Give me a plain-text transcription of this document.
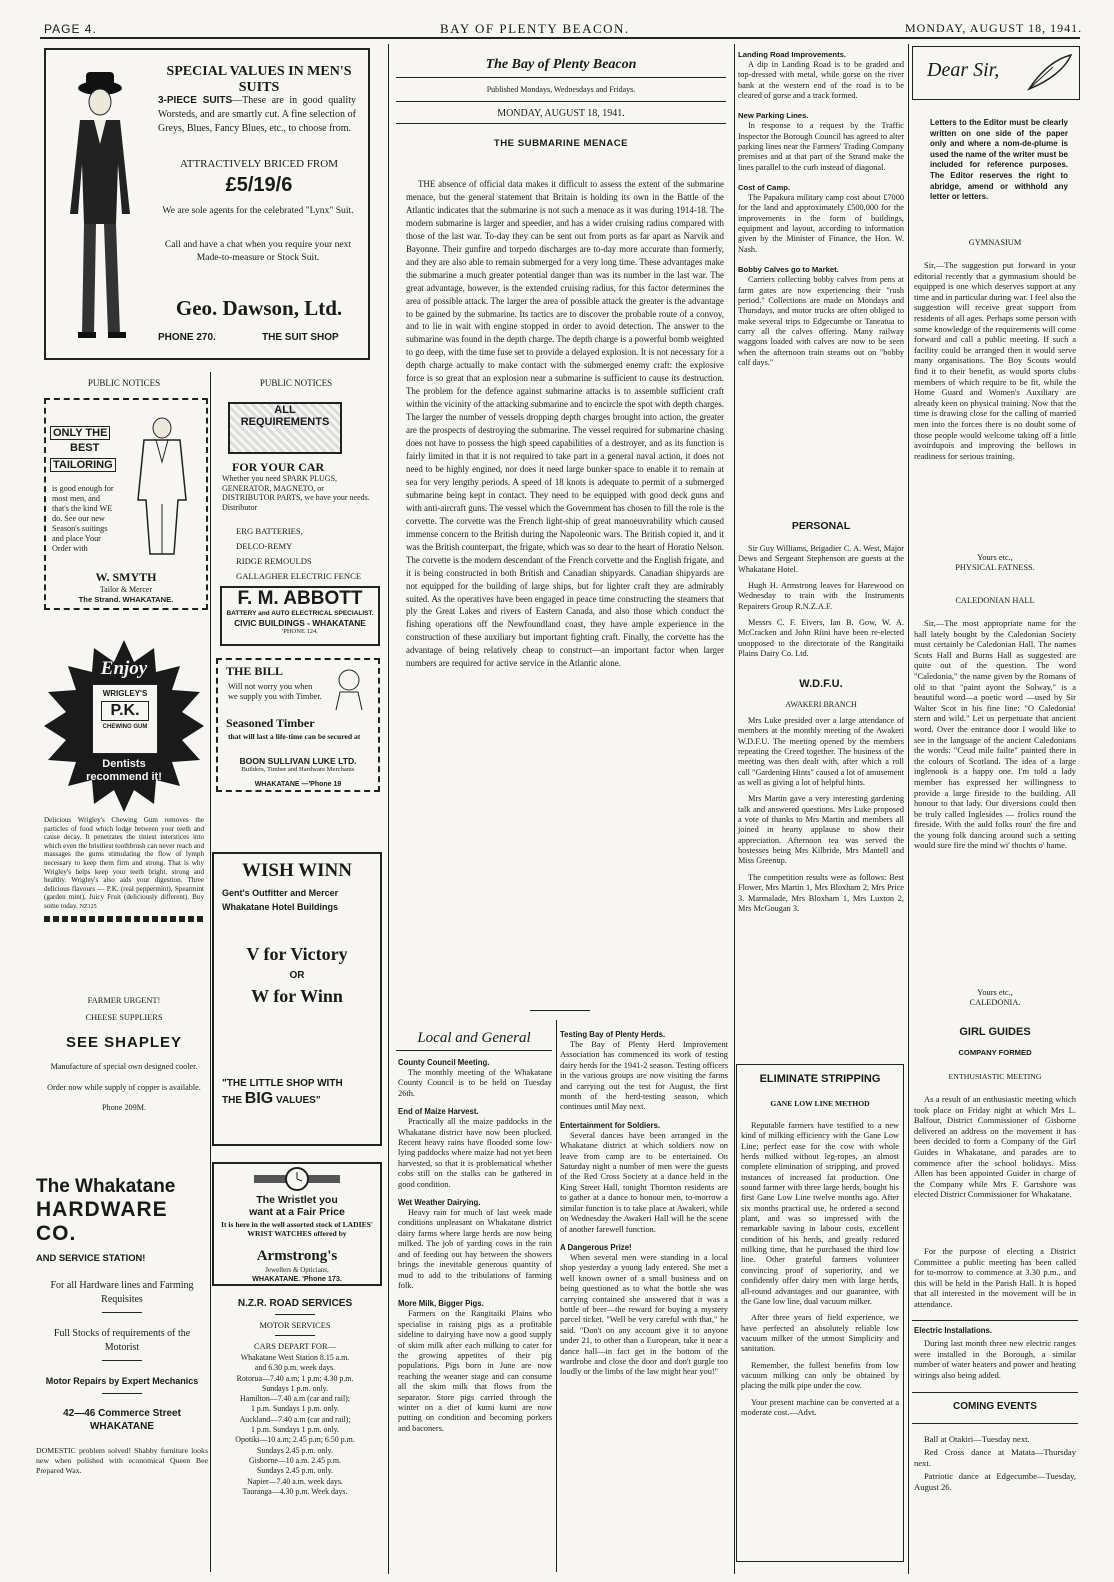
PAGE 4.	BAY OF PLENTY BEACON.	MONDAY, AUGUST 18, 1941.
SPECIAL VALUES IN MEN'S SUITS
3-PIECE SUITS—These are in good quality Worsteds, and are smartly cut. A fine selection of Greys, Blues, Fancy Blues, etc., to choose from.
ATTRACTIVELY BRICED FROM
£5/19/6
We are sole agents for the celebrated "Lynx" Suit.
Call and have a chat when you require your next Made-to-measure or Stock Suit.
Geo. Dawson, Ltd.
PHONE 270.	THE SUIT SHOP
PUBLIC NOTICES	PUBLIC NOTICES
ONLY THE
BEST
TAILORING
is good enough for most men, and that's the kind WE do. See our new Season's suitings and place Your Order with
W. SMYTH
Tailor & Mercer
The Strand. WHAKATANE.
ALL
REQUIREMENTS
FOR YOUR CAR
Whether you need SPARK PLUGS, GENERATOR, MAGNETO, or DISTRIBUTOR PARTS, we have your needs. Distributor
ERG BATTERIES,
DELCO-REMY
RIDGE REMOULDS
GALLAGHER ELECTRIC FENCE
F. M. ABBOTT
BATTERY and AUTO ELECTRICAL SPECIALIST.
CIVIC BUILDINGS - WHAKATANE
'PHONE 124.
Enjoy
WRIGLEY'S
P.K.
CHEWING GUM
Dentists
recommend it!
Delicious Wrigley's Chewing Gum removes the particles of food which lodge between your teeth and cause decay. It penetrates the tiniest interstices into which even the bristliest toothbrush can never reach and massages the gums stimulating the flow of lymph necessary to keep them firm and strong. That is why Wrigley's helps keep your teeth bright, strong and healthy. Wrigley's also aids your digestion. Three delicious flavours — P.K. (real peppermint), Spearmint (garden mint), Juicy Fruit (deliciously different). Buy some today. NZ125
THE BILL
Will not worry you when we supply you with Timber.
Seasoned Timber
that will last a life-time can be secured at
BOON SULLIVAN LUKE LTD.
Builders, Timber and Hardware Merchants
WHAKATANE —'Phone 19
WISH WINN
Gent's Outfitter and Mercer
Whakatane Hotel Buildings
V for Victory
OR
W for Winn
"THE LITTLE SHOP WITH
THE BIG VALUES"
FARMER URGENT!
CHEESE SUPPLIERS
SEE SHAPLEY
Manufacture of special own designed cooler.
Order now while supply of copper is available.
Phone 209M.
The Whakatane
HARDWARE CO.
AND SERVICE STATION!
For all Hardware lines and Farming Requisites
Full Stocks of requirements of the Motorist
Motor Repairs by Expert Mechanics
42—46 Commerce Street
WHAKATANE
DOMESTIC problem solved! Shabby furniture looks new when polished with economical Queen Bee Prepared Wax.
The Wristlet you
want at a Fair Price
It is here in the well assorted stock of LADIES' WRIST WATCHES offered by
Armstrong's
Jewellers & Opticians,
WHAKATANE. 'Phone 173.
N.Z.R. ROAD SERVICES
MOTOR SERVICES
CARS DEPART FOR—
Whakatane West Station 8.15 a.m.
and 6.30 p.m. week days.
Rotorua—7.40 a.m; 1 p.m; 4.30 p.m.
Sundays 1 p.m. only.
Hamilton—7.40 a.m (car and rail);
1 p.m. Sundays 1 p.m. only.
Auckland—7.40 a.m (car and rail);
1 p.m. Sundays 1 p.m. only.
Opotiki—10 a.m; 2.45 p.m; 6.50 p.m.
Sundays 2.45 p.m. only.
Gisborne—10 a.m. 2.45 p.m.
Sundays 2.45 p.m. only.
Napier—7.40 a.m. week days.
Tauranga—4.30 p.m. Week days.
The Bay of Plenty Beacon
Published Mondays, Wednesdays and Fridays.
MONDAY, AUGUST 18, 1941.
THE SUBMARINE MENACE
THE absence of official data makes it difficult to assess the extent of the submarine menace, but the general statement that Britain is holding its own in the Battle of the Atlantic indicates that the submarine is not such a menace as it was during 1914-18. The modern submarine is larger and speedier, and has a wider cruising radius compared with those of the last war. To-day they can be sent out from ports as far apart as Narvik and Bayonne. Their gunfire and torpedo discharges are to-day more accurate than formerly, and they are also able to remain submerged for a very long time. These advantages make the submarine a much greater potential danger than was its number in the last war. The great advantage, however, is the extended cruising radius, for this factor determines the area of possible attack. The larger the area of possible attack the greater is the advantage to be gained by the submarine. Its tactics are to discover the probable route of a convoy, and to lie in wait with engine stopped in order to avoid detection. The answer to the submarine was found in the depth charge. The depth charge is a powerful bomb weighted to go deep, with the time fuse set to provide a delayed explosion. It is not necessary for a depth charge actually to make contact with the submerged enemy craft: the explosive force is so great that an explosion near a submarine is sufficient to cause its destruction. The problem for the defence against submarine attacks is to assemble sufficient craft within the vicinity of the attacking submarine and to encircle the spot with depth charges. The larger the number of vessels dropping depth charges brought into action, the greater are the prospects of destroying the submarine. The vessel required for submarine chasing does not have to possess the high speed capabilities of a destroyer, and as its function is fairly limited in that it is not required to take part in a general naval action, it does not need to be highly engined, nor does it need large bunker space to enable it to remain at sea for very lengthy periods. A speed of 18 knots is adequate to permit of a submerged submarine being kept in contact. They need to be equipped with good deck guns and with anti-aircraft guns. The vessel which the Government has chosen to fill the role is the corvette. The corvette was the French light-ship of great manoeuvrability which caused immense concern to the British during the Napoleonic wars. The British copied it, and it was the British counterpart, the frigate, which was so dear to the heart of Horatio Nelson. The corvette is the modern descendant of the French corvette and the English frigate, and it is being constructed in both British and Canadian shipyards. Canadian shipyards are not equipped for the building of large ships, but for lighter craft they are admirably suited. As the operatives have been engaged in peace time constructing the steamers that ply the Great Lakes and rivers of Eastern Canada, and also those which conduct the fishing operations off the Newfoundland coast, they have ample experience in the construction of these auxiliary but important fighting craft. Finally, the corvette has the advantage of being relatively cheap to construct—an important factor when larger numbers are required for active service in the Atlantic alone.
Local and General
County Council Meeting.
The monthly meeting of the Whakatane County Council is to be held on Tuesday 26th.
End of Maize Harvest.
Practically all the maize paddocks in the Whakatane district have now been plucked. Recent heavy rains have flooded some low-lying paddocks where maize had not yet been harvested, so that it is problematical whether cobs still on the stalks can be gathered in good condition.
Wet Weather Dairying.
Heavy rain for much of last week made conditions unpleasant on Whakatane district dairy farms where large herds are now being milked. The job of yarding cows in the rain and of feeding out hay between the showers brings the inevitable generous quantity of mud to add to the tribulations of farming folk.
More Milk, Bigger Pigs.
Farmers on the Rangitaiki Plains who specialise in raising pigs as a profitable sideline to dairying have now a good supply of skim milk after each milking to cater for the growing appetites of their pig populations. Pigs born in June are now reaching the weaner stage and can consume all the skim milk that flows from the separator. Store pigs carried through the winter on a diet of kumi kumi are now putting on condition and becoming porkers and baconers.
Testing Bay of Plenty Herds.
The Bay of Plenty Herd Improvement Association has commenced its work of testing dairy herds for the 1941-2 season. Testing officers in the various groups are now visiting the farms and carrying out the test for August, the first month of the herd-testing season, which continues until May next.
Entertainment for Soldiers.
Several dances have been arranged in the Whakatane district at which soldiers now on leave from camp are to be entertained. On Saturday night a number of men were the guests of the Red Cross Society at a dance held in the King Street Hall, tonight Thornton residents are to gather at a dance to honour men, to-morrow a similar function is to take place at Awakeri, while on Wednesday the Awakeri Hall will be the scene of another farewell function.
A Dangerous Prize!
When several men were standing in a local shop yesterday a young lady entered. She met a well known owner of a small business and on being questioned as to what the bottle she was carrying contained she answered that it was a bottle of beer—the reward for buying a mystery parcel ticket. "Well be very careful with that," he said. "Don't on any account give it to anyone under 21, to other than a European, take it near a dance hall—in fact get in the bottom of the wardrobe and close the door and don't gurgle too loudly or the limbs of the law might hear you!"
Landing Road Improvements.
A dip in Landing Road is to be graded and top-dressed with metal, while gorse on the river bank at the western end of the road is to be cleared of gorse and a track formed.
New Parking Lines.
In response to a request by the Traffic Inspector the Borough Council has agreed to alter parking lines near the Farmers' Trading Company premises and at that part of the Strand make the lines parallel to the curb instead of diagonal.
Cost of Camp.
The Papakura military camp cost about £7000 for the land and approximately £500,000 for the improvements in the form of buildings, equipment and layout, according to information given by the Minister of Finance, the Hon. W. Nash.
Bobby Calves go to Market.
Carriers collecting bobby calves from pens at farm gates are now experiencing their "rush period." Collections are made on Mondays and Thursdays, and motor trucks are often obliged to make several trips to Edgecumbe or Taneatua to carry all the calves offering. Many railway waggons loaded with calves are now to be seen when the afternoon train steams out on "bobby calf days."
PERSONAL
Sir Guy Williams, Brigadier C. A. West, Major Dews and Sergeant Stephenson are guests at the Whakatane Hotel.
Hugh H. Armstrong leaves for Harewood on Wednesday to train with the Instruments Repairers Group R.N.Z.A.F.
Messrs C. F. Eivers, Ian B. Gow, W. A. McCracken and John Riini have been re-elected unopposed to the directorate of the Rangitaiki Plains Dairy Co. Ltd.
W.D.F.U.
AWAKERI BRANCH
Mrs Luke presided over a large attendance of members at the monthly meeting of the Awakeri W.D.F.U. The meeting opened by the members repeating the Creed together. The business of the meeting was then dealt with, after which a roll call "Gardening Hints" caused a lot of amusement as well as giving a lot of helpful hints.
Mrs Martin gave a very interesting gardening talk and answered questions. Mrs Luke proposed a vote of thanks to Mrs Martin and members all joined in hearty applause to show their appreciation. Afternoon tea was served the hostesses being Mrs Kilbride, Mrs Mantell and Miss Greenup.
The competition results were as follows: Best Flower, Mrs Martin 1, Mrs Bloxham 2, Mrs Price 3. Marmalade, Mrs Bloxham 1, Mrs Luxton 2, Mrs McGougan 3.
ELIMINATE STRIPPING
GANE LOW LINE METHOD
Reputable farmers have testified to a new kind of milking efficiency with the Gane Low Line; perfect ease for the cow with whole herds milked without leg-ropes, an almost complete elimination of stripping, and proved instances of increased fat production. One sound farmer with three large herds, bought his first Gane Low Line twelve months ago. After six months practical use, he ordered a second plant, and was so impressed with the remarkable saving in labour costs, excellent condition of his herds, and greatly reduced milking time, that he purchased the third low line. Other grateful farmers volunteer convincing proof of superiority, and we confidently offer dairy men with large herds, all-round advantages and our guarantee, with the Gane low line, dual vacuum milker.
After three years of field experience, we have perfected an absolutely reliable low vacuum milker of the utmost Simplicity and sanitation.
Remember, the fullest benefits from low vacuum milking can only be obtained by placing the milk pipe under the cow.
Your present machine can be converted at a moderate cost.—Advt.
Dear Sir,
Letters to the Editor must be clearly written on one side of the paper only and where a nom-de-plume is used the name of the writer must be included for reference purposes. The Editor reserves the right to abridge, amend or withhold any letter or letters.
GYMNASIUM
Sir,—The suggestion put forward in your editorial recently that a gymnasium should be equipped is one which deserves support at any time and in particular during war. I feel also the suggestion will receive great support from residents of all ages. Perhaps some person with some knowledge of the requirements will come forward and call a public meeting. If such a facility could be arranged then it would serve many organisations. The Boy Scouts would find it to their benefit, as would sports clubs members of which require to be fit, while the Home Guard and Women's Auxiliary are already keen on physical training. Now that the time is drawing close for the calling of married men into the forces there is no doubt some of those people would welcome taking off a little avoirdupois and improving the bellows in readiness for serious training.
Yours etc.,
PHYSICAL FATNESS.
CALEDONIAN HALL
Sir,—The most appropriate name for the hall lately bought by the Caledonian Society must certainly be Caledonian Hall. The names Scots Hall and Burns Hall as suggested are quite out of the question. The word "Caledonia," the name given by the Romans of old to that "paint ayont the Solway," is a beautiful word—a poetic word —used by Sir Walter Scot in his fine line: "O Caledonia! stern and wild." Let us perpetuate that ancient word. Over the entrance door I would like to see in the language of the ancient Caledonians the words: "Ceud mile failte" painted there in the colours of Scotland. The idea of a large inglenook is a happy one. I'm told a lady member has expressed her willingness to provide a large fireside to the building. All honour to that lady. Our diversions could then be truly called Inglesides — frolics round the fireside. With the auld folks roun' the fire and the young folk dancing around such a setting would sure fire the mind wi' thochts o' hame.
Yours etc.,
CALEDONIA.
GIRL GUIDES
COMPANY FORMED
ENTHUSIASTIC MEETING
As a result of an enthusiastic meeting which took place on Friday night at which Mrs L. Balfour, District Commissioner of Gisborne delivered an address on the movement it has been decided to form a Company of the Girl Guides in Whakatane, and parades are to commence after the school holidays. Miss Allen has been appointed Guider in charge of the Company while Mrs F. Gartshore was elected District Commissioner for Whakatane.
For the purpose of electing a District Committee a public meeting has been called for to-morrow to commence at 3.30 p.m., and this will be held in the Parish Hall. It is hoped that all interested in the movement will be in attendance.
Electric Installations.
During last month three new electric ranges were installed in the Borough, a similar number of water heaters and power and heating wirings also being added.
COMING EVENTS
Ball at Otakiri—Tuesday next.
Red Cross dance at Matata—Thursday next.
Patriotic dance at Edgecumbe—Tuesday, August 26.
